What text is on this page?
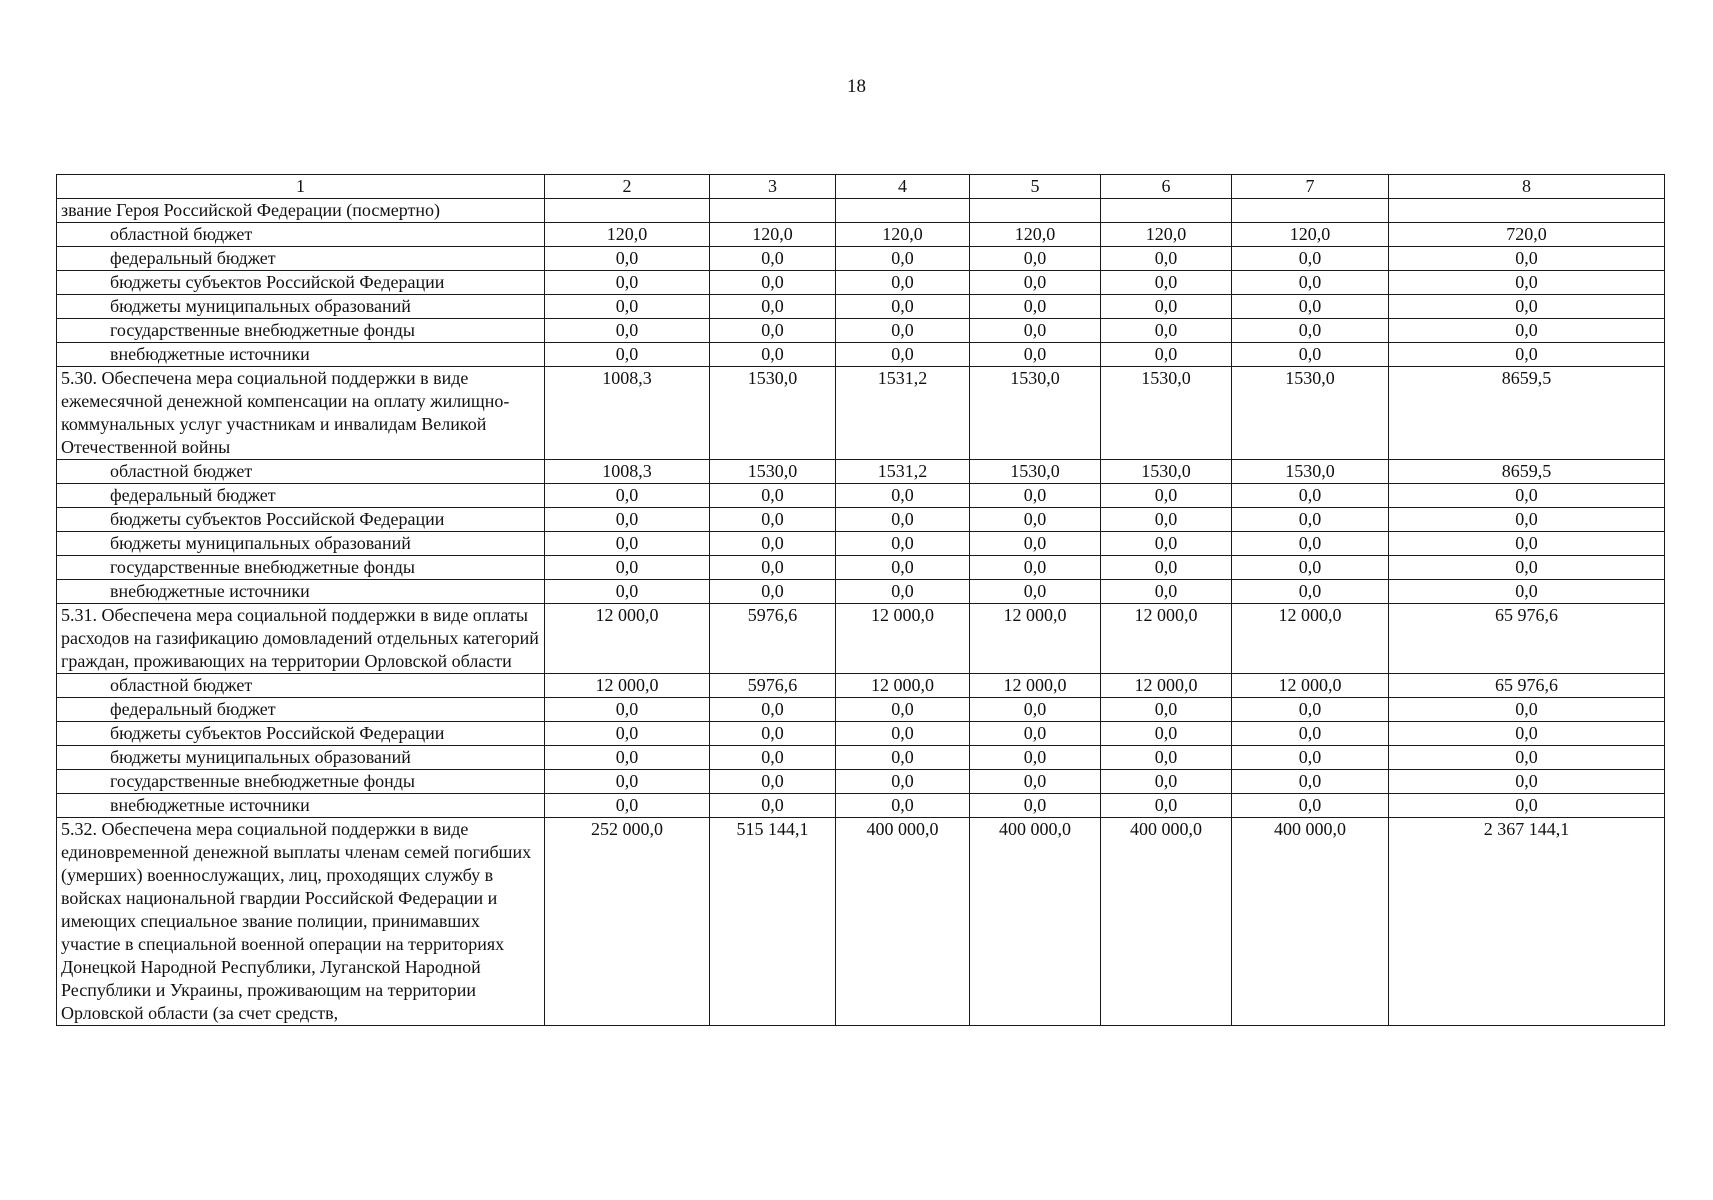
18
1	2	3	4	5	6	7	8
звание Героя Российской Федерации (посмертно)							
областной бюджет	120,0	120,0	120,0	120,0	120,0	120,0	720,0
федеральный бюджет	0,0	0,0	0,0	0,0	0,0	0,0	0,0
бюджеты субъектов Российской Федерации	0,0	0,0	0,0	0,0	0,0	0,0	0,0
бюджеты муниципальных образований	0,0	0,0	0,0	0,0	0,0	0,0	0,0
государственные внебюджетные фонды	0,0	0,0	0,0	0,0	0,0	0,0	0,0
внебюджетные источники	0,0	0,0	0,0	0,0	0,0	0,0	0,0
5.30. Обеспечена мера социальной поддержки в виде ежемесячной денежной компенсации на оплату жилищно-коммунальных услуг участникам и инвалидам Великой Отечественной войны	1008,3	1530,0	1531,2	1530,0	1530,0	1530,0	8659,5
областной бюджет	1008,3	1530,0	1531,2	1530,0	1530,0	1530,0	8659,5
федеральный бюджет	0,0	0,0	0,0	0,0	0,0	0,0	0,0
бюджеты субъектов Российской Федерации	0,0	0,0	0,0	0,0	0,0	0,0	0,0
бюджеты муниципальных образований	0,0	0,0	0,0	0,0	0,0	0,0	0,0
государственные внебюджетные фонды	0,0	0,0	0,0	0,0	0,0	0,0	0,0
внебюджетные источники	0,0	0,0	0,0	0,0	0,0	0,0	0,0
5.31. Обеспечена мера социальной поддержки в виде оплаты расходов на газификацию домовладений отдельных категорий граждан, проживающих на территории Орловской области	12 000,0	5976,6	12 000,0	12 000,0	12 000,0	12 000,0	65 976,6
областной бюджет	12 000,0	5976,6	12 000,0	12 000,0	12 000,0	12 000,0	65 976,6
федеральный бюджет	0,0	0,0	0,0	0,0	0,0	0,0	0,0
бюджеты субъектов Российской Федерации	0,0	0,0	0,0	0,0	0,0	0,0	0,0
бюджеты муниципальных образований	0,0	0,0	0,0	0,0	0,0	0,0	0,0
государственные внебюджетные фонды	0,0	0,0	0,0	0,0	0,0	0,0	0,0
внебюджетные источники	0,0	0,0	0,0	0,0	0,0	0,0	0,0
5.32. Обеспечена мера социальной поддержки в виде единовременной денежной выплаты членам семей погибших (умерших) военнослужащих, лиц, проходящих службу в войсках национальной гвардии Российской Федерации и имеющих специальное звание полиции, принимавших участие в специальной военной операции на территориях Донецкой Народной Республики, Луганской Народной Республики и Украины, проживающим на территории Орловской области (за счет средств,	252 000,0	515 144,1	400 000,0	400 000,0	400 000,0	400 000,0	2 367 144,1
